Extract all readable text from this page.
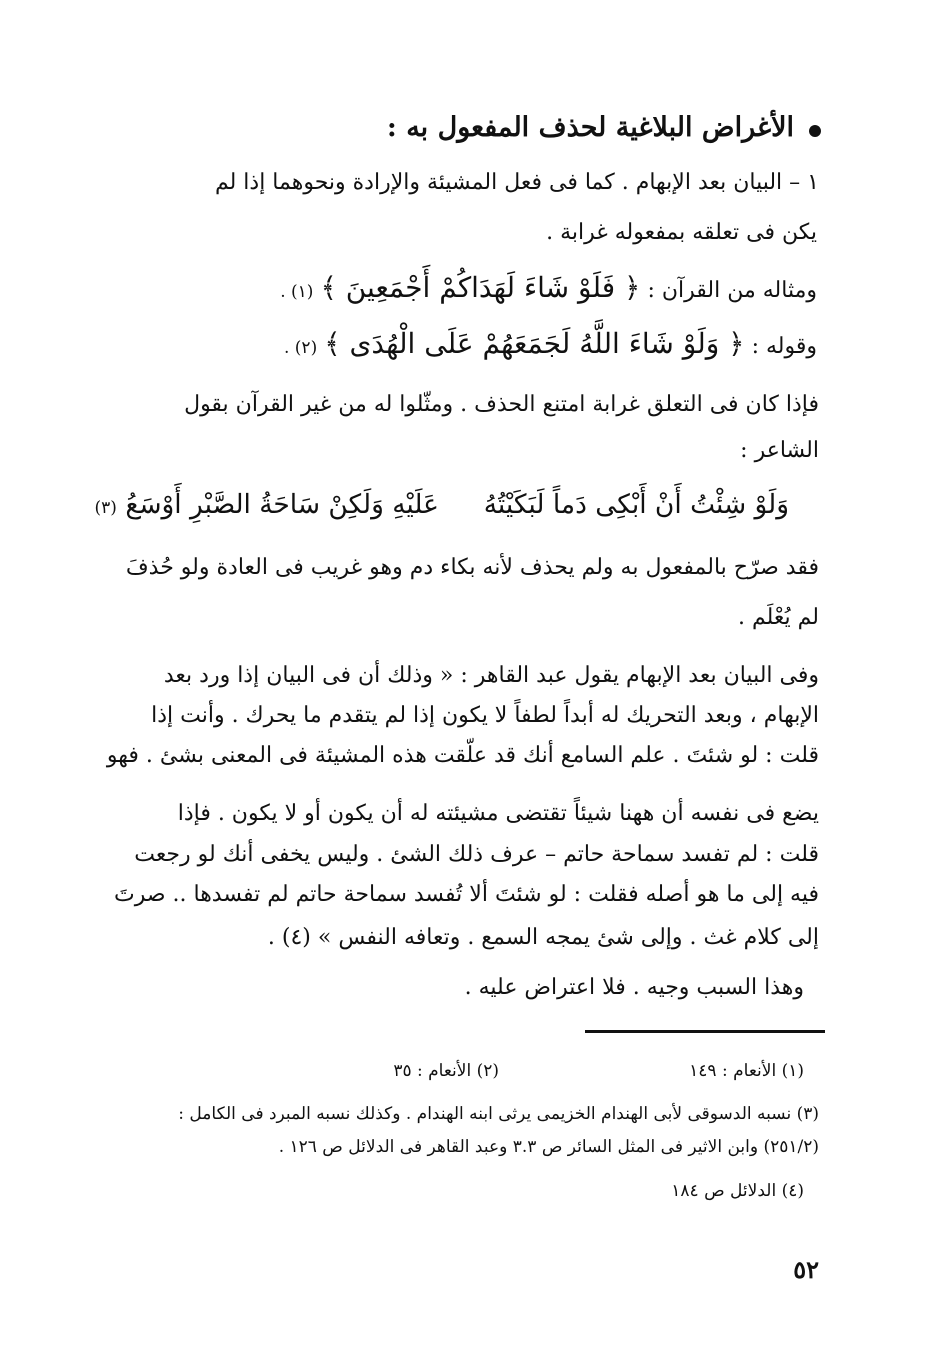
الأغراض البلاغية لحذف المفعول به :
١ – البيان بعد الإبهام . كما فى فعل المشيئة والإرادة ونحوهما إذا لم
يكن فى تعلقه بمفعوله غرابة .
ومثاله من القرآن : ﴿ فَلَوْ شَاءَ لَهَدَاكُمْ أَجْمَعِينَ ﴾ (١) .
وقوله : ﴿ وَلَوْ شَاءَ اللَّهُ لَجَمَعَهُمْ عَلَى الْهُدَى ﴾ (٢) .
فإذا كان فى التعلق غرابة امتنع الحذف . ومثّلوا له من غير القرآن بقول
الشاعر :
وَلَوْ شِئْتُ أَنْ أَبْكِى دَماً لَبَكَيْتُهُ  عَلَيْهِ وَلَكِنْ سَاحَةُ الصَّبْرِ أَوْسَعُ (٣)
فقد صرّح بالمفعول به ولم يحذف لأنه بكاء دم وهو غريب فى العادة ولو حُذفَ
لم يُعْلَم .
وفى البيان بعد الإبهام يقول عبد القاهر : « وذلك أن فى البيان إذا ورد بعد
الإبهام ، وبعد التحريك له أبداً لطفاً لا يكون إذا لم يتقدم ما يحرك . وأنت إذا
قلت : لو شئتَ . علم السامع أنك قد علّقت هذه المشيئة فى المعنى بشئ . فهو
يضع فى نفسه أن ههنا شيئاً تقتضى مشيئته له أن يكون أو لا يكون . فإذا
قلت : لم تفسد سماحة حاتم – عرف ذلك الشئ . وليس يخفى أنك لو رجعت
فيه إلى ما هو أصله فقلت : لو شئتَ ألا تُفسد سماحة حاتم لم تفسدها .. صرتَ
إلى كلام غث . وإلى شئ يمجه السمع . وتعافه النفس » (٤) .
وهذا السبب وجيه . فلا اعتراض عليه .
(١) الأنعام : ١٤٩
(٢) الأنعام : ٣٥
(٣) نسبه الدسوقى لأبى الهندام الخزيمى يرثى ابنه الهندام . وكذلك نسبه المبرد فى الكامل :
(٢٥١/٢) وابن الاثير فى المثل السائر ص ٣.٣ وعبد القاهر فى الدلائل ص ١٢٦ .
(٤) الدلائل ص ١٨٤
٥٢
